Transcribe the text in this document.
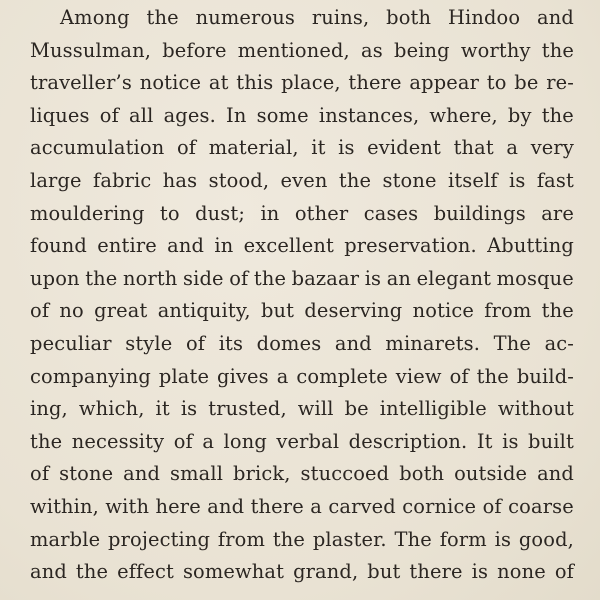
Among the numerous ruins, both Hindoo and
Mussulman, before mentioned, as being worthy the
traveller’s notice at this place, there appear to be re-
liques of all ages. In some instances, where, by the
accumulation of material, it is evident that a very
large fabric has stood, even the stone itself is fast
mouldering to dust; in other cases buildings are
found entire and in excellent preservation. Abutting
upon the north side of the bazaar is an elegant mosque
of no great antiquity, but deserving notice from the
peculiar style of its domes and minarets. The ac-
companying plate gives a complete view of the build-
ing, which, it is trusted, will be intelligible without
the necessity of a long verbal description. It is built
of stone and small brick, stuccoed both outside and
within, with here and there a carved cornice of coarse
marble projecting from the plaster. The form is good,
and the effect somewhat grand, but there is none of
